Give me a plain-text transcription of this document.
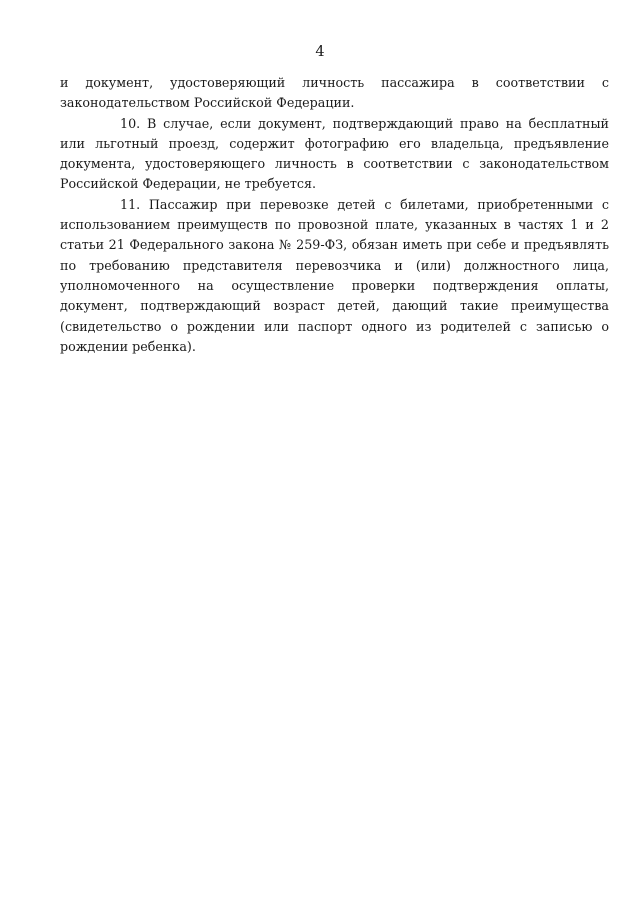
4

и документ, удостоверяющий личность пассажира в соответствии с законодательством Российской Федерации.

10. В случае, если документ, подтверждающий право на бесплатный или льготный проезд, содержит фотографию его владельца, предъявление документа, удостоверяющего личность в соответствии с законодательством Российской Федерации, не требуется.

11. Пассажир при перевозке детей с билетами, приобретенными с использованием преимуществ по провозной плате, указанных в частях 1 и 2 статьи 21 Федерального закона № 259-ФЗ, обязан иметь при себе и предъявлять по требованию представителя перевозчика и (или) должностного лица, уполномоченного на осуществление проверки подтверждения оплаты, документ, подтверждающий возраст детей, дающий такие преимущества (свидетельство о рождении или паспорт одного из родителей с записью о рождении ребенка).
